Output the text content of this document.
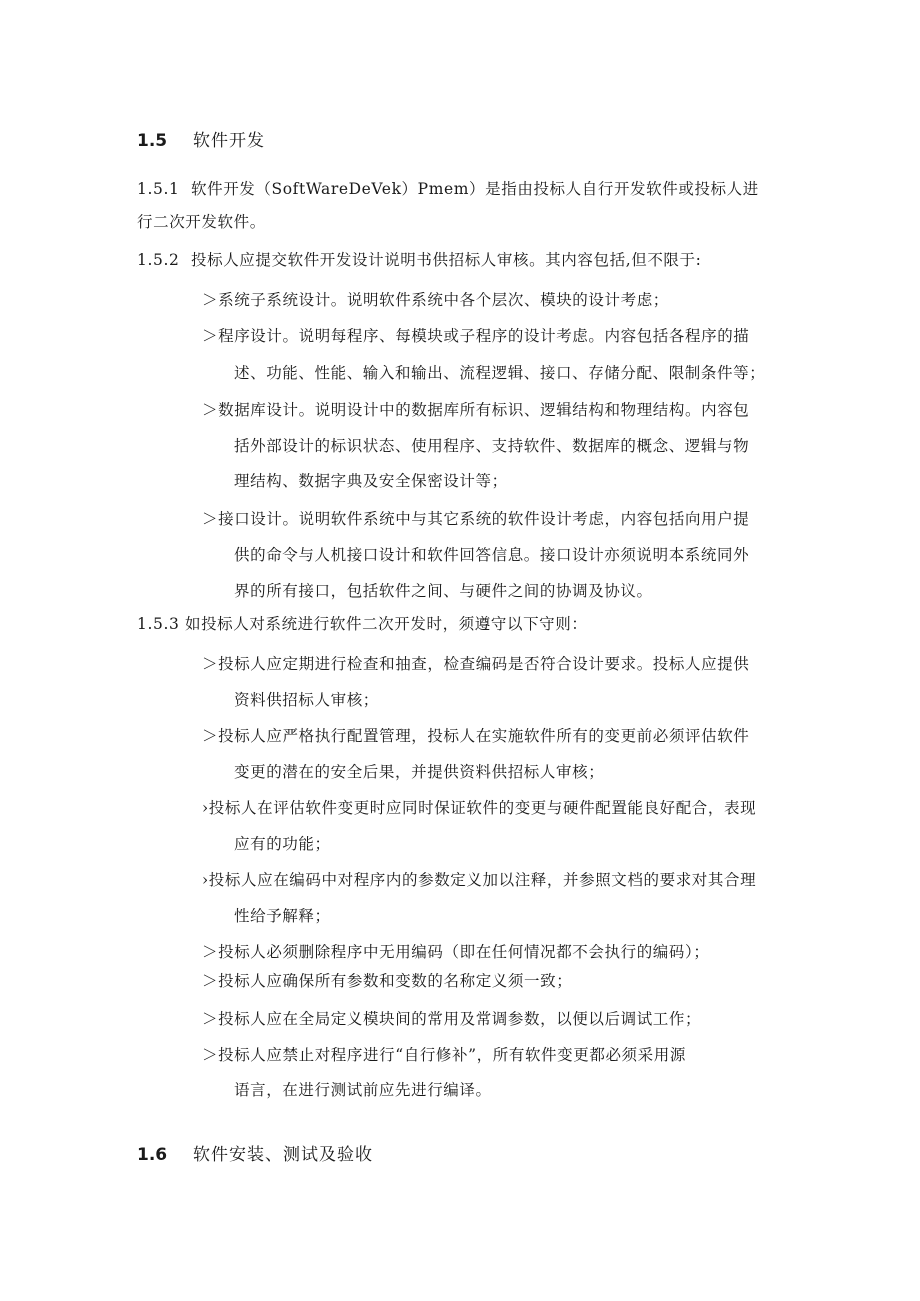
1.5 软件开发
1.5.1 软件开发（SoftWareDeVek）Pmem）是指由投标人自行开发软件或投标人进
行二次开发软件。
1.5.2 投标人应提交软件开发设计说明书供招标人审核。其内容包括,但不限于:
＞系统子系统设计。说明软件系统中各个层次、模块的设计考虑；
＞程序设计。说明每程序、每模块或子程序的设计考虑。内容包括各程序的描
述、功能、性能、输入和输出、流程逻辑、接口、存储分配、限制条件等；
＞数据库设计。说明设计中的数据库所有标识、逻辑结构和物理结构。内容包
括外部设计的标识状态、使用程序、支持软件、数据库的概念、逻辑与物
理结构、数据字典及安全保密设计等；
＞接口设计。说明软件系统中与其它系统的软件设计考虑，内容包括向用户提
供的命令与人机接口设计和软件回答信息。接口设计亦须说明本系统同外
界的所有接口，包括软件之间、与硬件之间的协调及协议。
1.5.3 如投标人对系统进行软件二次开发时，须遵守以下守则：
＞投标人应定期进行检查和抽查，检查编码是否符合设计要求。投标人应提供
资料供招标人审核；
＞投标人应严格执行配置管理，投标人在实施软件所有的变更前必须评估软件
变更的潜在的安全后果，并提供资料供招标人审核；
›投标人在评估软件变更时应同时保证软件的变更与硬件配置能良好配合，表现
应有的功能；
›投标人应在编码中对程序内的参数定义加以注释，并参照文档的要求对其合理
性给予解释；
＞投标人必须删除程序中无用编码（即在任何情况都不会执行的编码）；
＞投标人应确保所有参数和变数的名称定义须一致；
＞投标人应在全局定义模块间的常用及常调参数，以便以后调试工作；
＞投标人应禁止对程序进行“自行修补”，所有软件变更都必须采用源
语言，在进行测试前应先进行编译。
1.6 软件安装、测试及验收
